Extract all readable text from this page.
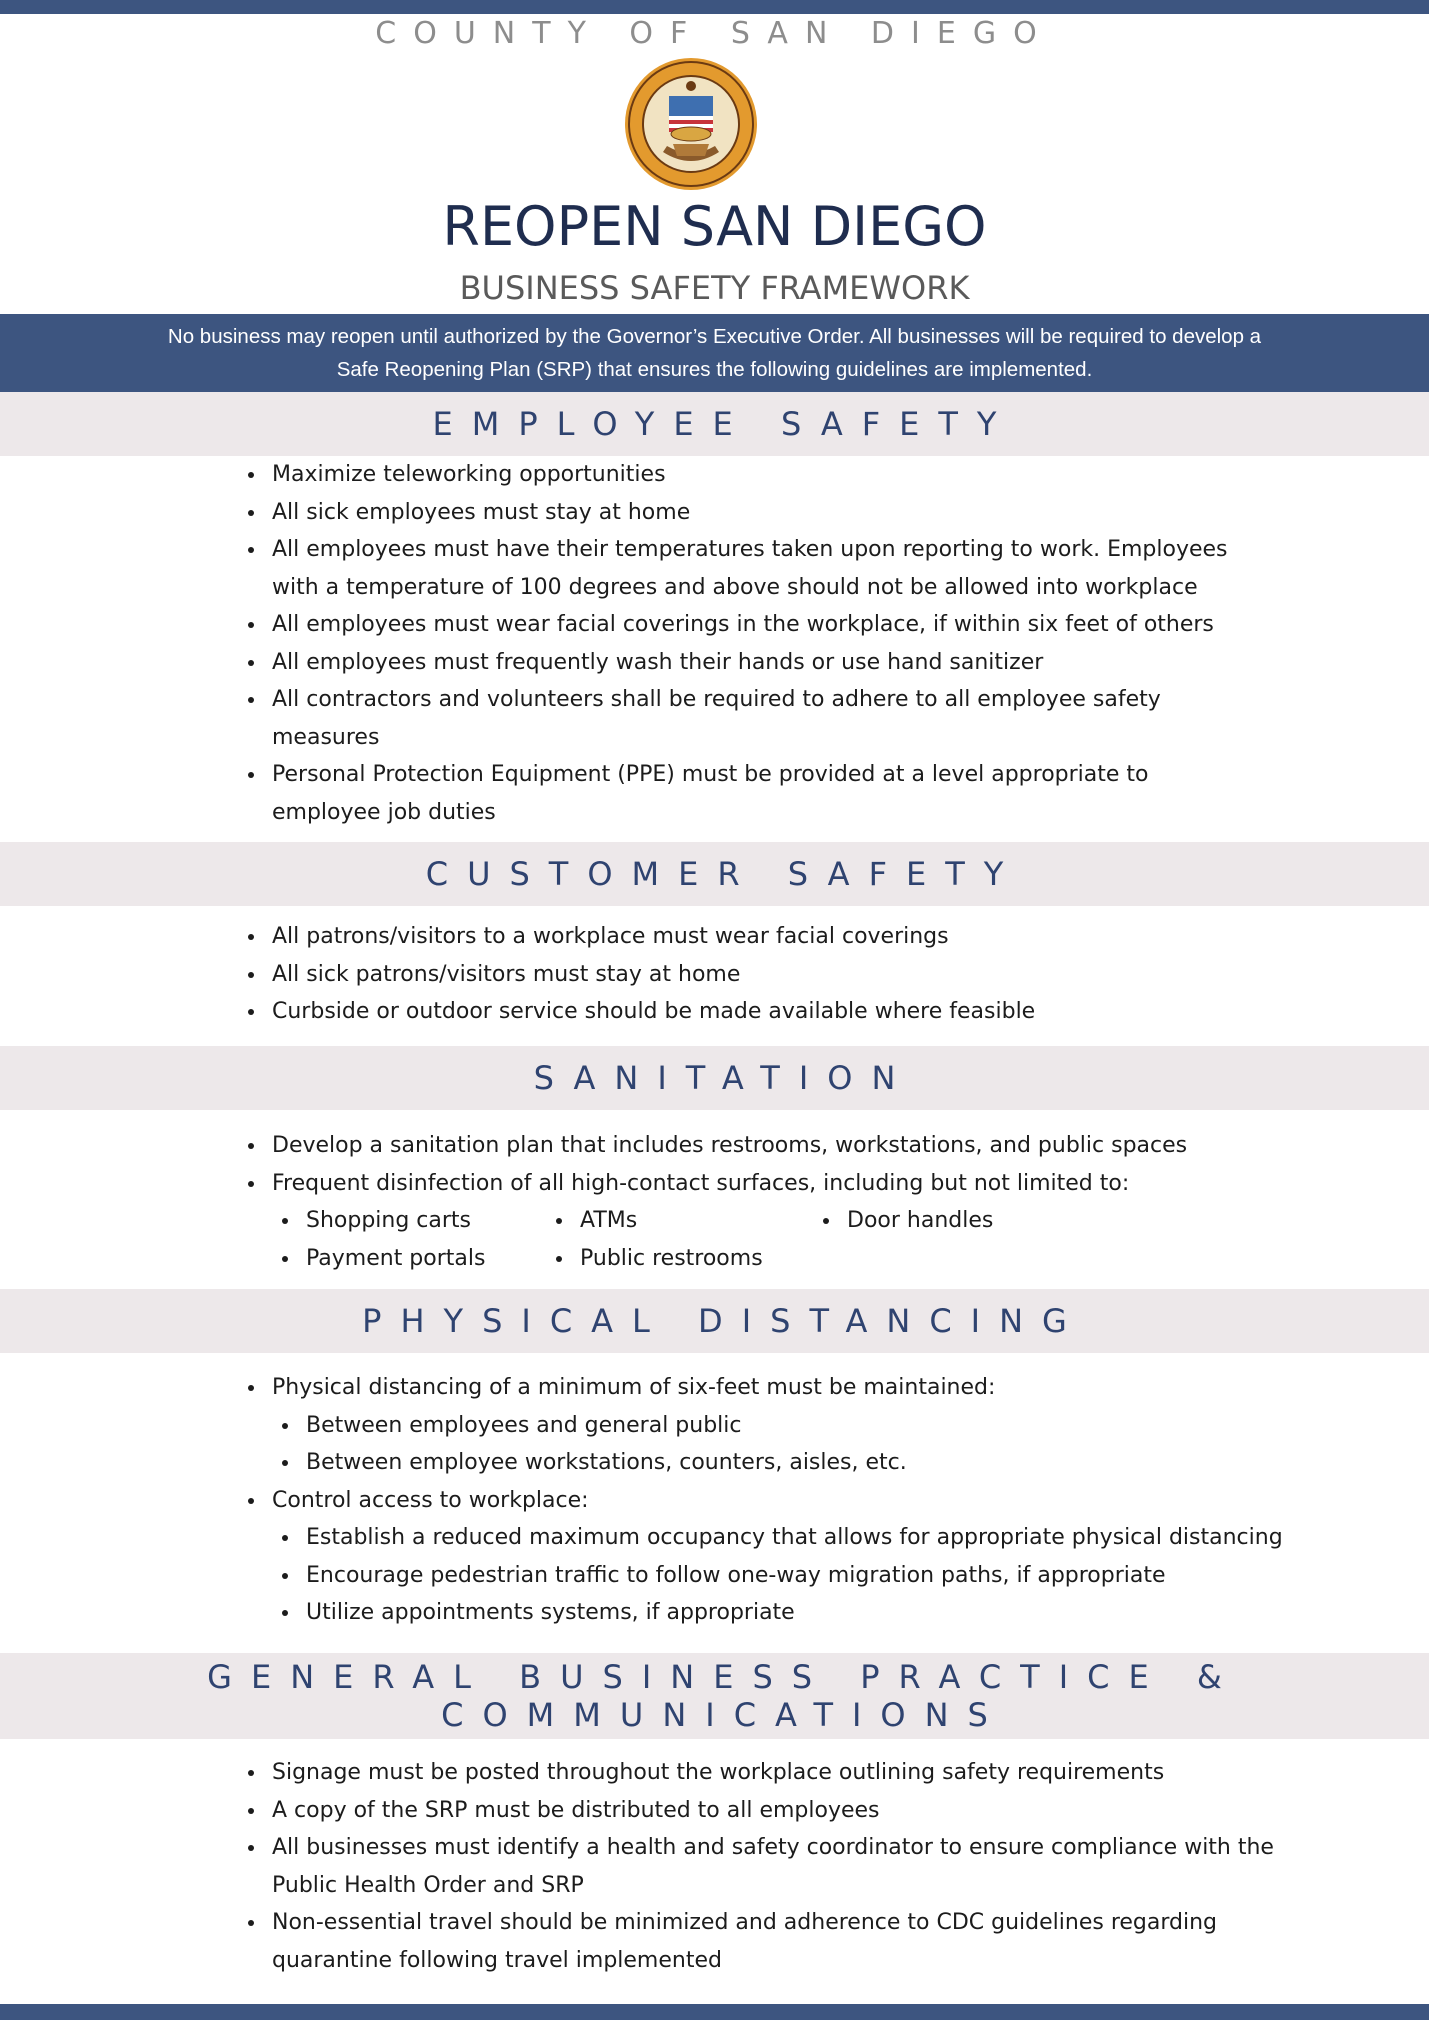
COUNTY OF SAN DIEGO
REOPEN SAN DIEGO
BUSINESS SAFETY FRAMEWORK
No business may reopen until authorized by the Governor’s Executive Order. All businesses will be required to develop a
Safe Reopening Plan (SRP) that ensures the following guidelines are implemented.
EMPLOYEE SAFETY
Maximize teleworking opportunities
All sick employees must stay at home
All employees must have their temperatures taken upon reporting to work. Employees
with a temperature of 100 degrees and above should not be allowed into workplace
All employees must wear facial coverings in the workplace, if within six feet of others
All employees must frequently wash their hands or use hand sanitizer
All contractors and volunteers shall be required to adhere to all employee safety
measures
Personal Protection Equipment (PPE) must be provided at a level appropriate to
employee job duties
CUSTOMER SAFETY
All patrons/visitors to a workplace must wear facial coverings
All sick patrons/visitors must stay at home
Curbside or outdoor service should be made available where feasible
SANITATION
Develop a sanitation plan that includes restrooms, workstations, and public spaces
Frequent disinfection of all high-contact surfaces, including but not limited to:
Shopping carts	ATMs	Door handles
Payment portals	Public restrooms
PHYSICAL DISTANCING
Physical distancing of a minimum of six-feet must be maintained:
Between employees and general public
Between employee workstations, counters, aisles, etc.
Control access to workplace:
Establish a reduced maximum occupancy that allows for appropriate physical distancing
Encourage pedestrian traffic to follow one-way migration paths, if appropriate
Utilize appointments systems, if appropriate
GENERAL BUSINESS PRACTICE &
COMMUNICATIONS
Signage must be posted throughout the workplace outlining safety requirements
A copy of the SRP must be distributed to all employees
All businesses must identify a health and safety coordinator to ensure compliance with the
Public Health Order and SRP
Non-essential travel should be minimized and adherence to CDC guidelines regarding
quarantine following travel implemented
